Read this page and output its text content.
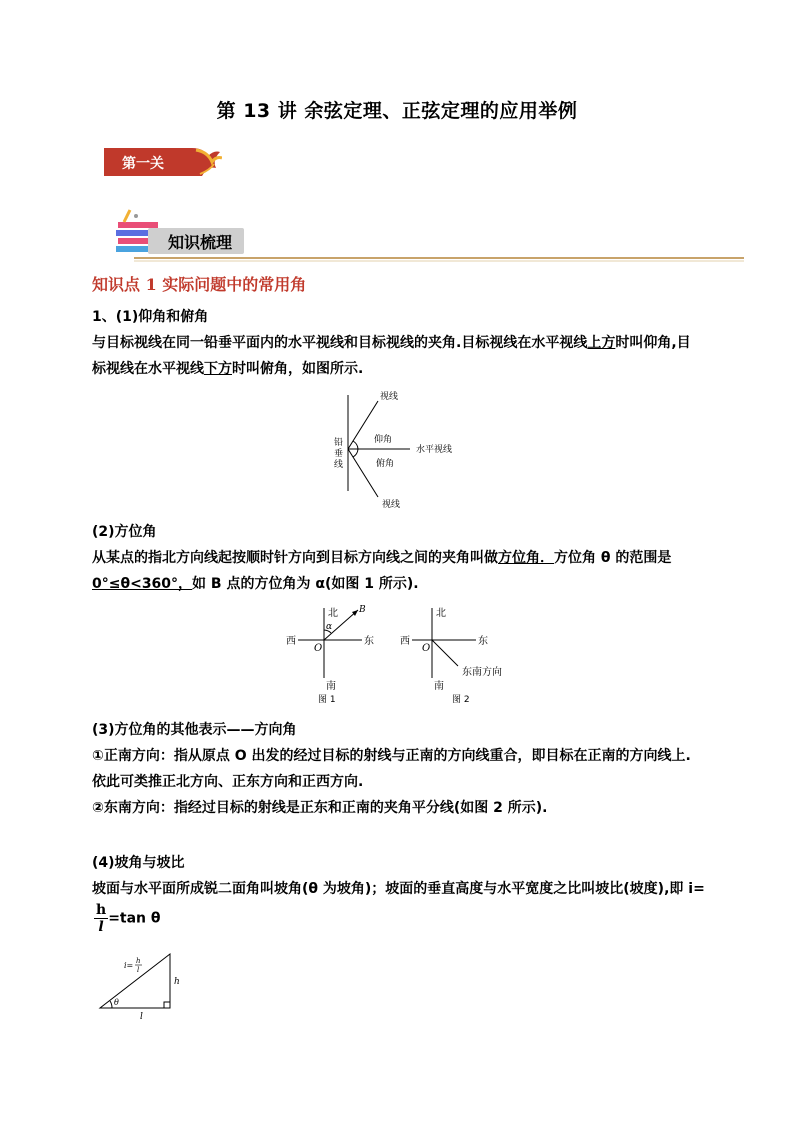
第 13 讲 余弦定理、正弦定理的应用举例
第一关
知识梳理
知识点 1 实际问题中的常用角
1、(1)仰角和俯角
与目标视线在同一铅垂平面内的水平视线和目标视线的夹角.目标视线在水平视线上方时叫仰角,目
标视线在水平视线下方时叫俯角，如图所示.
视线
视线
仰角
俯角
水平视线
铅
垂
线
(2)方位角
从某点的指北方向线起按顺时针方向到目标方向线之间的夹角叫做方位角．方位角 θ 的范围是
0°≤θ<360°，如 B 点的方位角为 α(如图 1 所示).
北
南
西	东
O
B
α
图 1
北
南
西	东
O
东南方向
图 2
(3)方位角的其他表示——方向角
①正南方向：指从原点 O 出发的经过目标的射线与正南的方向线重合，即目标在正南的方向线上.
依此可类推正北方向、正东方向和正西方向.
②东南方向：指经过目标的射线是正东和正南的夹角平分线(如图 2 所示).
(4)坡角与坡比
坡面与水平面所成锐二面角叫坡角(θ 为坡角)；坡面的垂直高度与水平宽度之比叫坡比(坡度),即 i=
$\frac{h}{l} =\tan$ θ
i= h
l
h
l
θ
